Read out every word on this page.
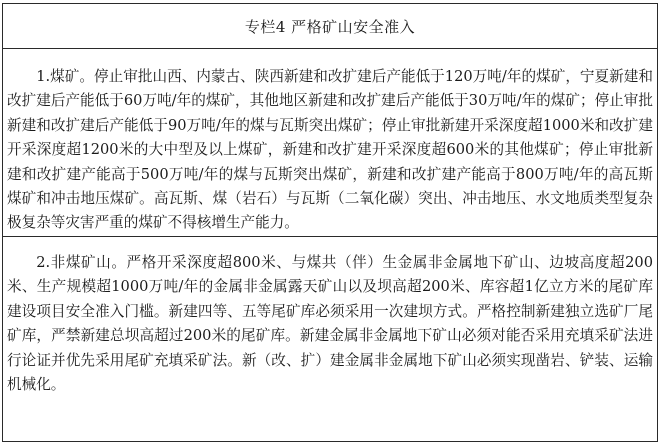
专栏4 严格矿山安全准入
1.煤矿。停止审批山西、内蒙古、陕西新建和改扩建后产能低于120万吨/年的煤矿，宁夏新建和改扩建后产能低于60万吨/年的煤矿，其他地区新建和改扩建后产能低于30万吨/年的煤矿；停止审批新建和改扩建后产能低于90万吨/年的煤与瓦斯突出煤矿；停止审批新建开采深度超1000米和改扩建开采深度超1200米的大中型及以上煤矿，新建和改扩建开采深度超600米的其他煤矿；停止审批新建和改扩建产能高于500万吨/年的煤与瓦斯突出煤矿，新建和改扩建产能高于800万吨/年的高瓦斯煤矿和冲击地压煤矿。高瓦斯、煤（岩石）与瓦斯（二氧化碳）突出、冲击地压、水文地质类型复杂极复杂等灾害严重的煤矿不得核增生产能力。
2.非煤矿山。严格开采深度超800米、与煤共（伴）生金属非金属地下矿山、边坡高度超200米、生产规模超1000万吨/年的金属非金属露天矿山以及坝高超200米、库容超1亿立方米的尾矿库建设项目安全准入门槛。新建四等、五等尾矿库必须采用一次建坝方式。严格控制新建独立选矿厂尾矿库，严禁新建总坝高超过200米的尾矿库。新建金属非金属地下矿山必须对能否采用充填采矿法进行论证并优先采用尾矿充填采矿法。新（改、扩）建金属非金属地下矿山必须实现凿岩、铲装、运输机械化。
